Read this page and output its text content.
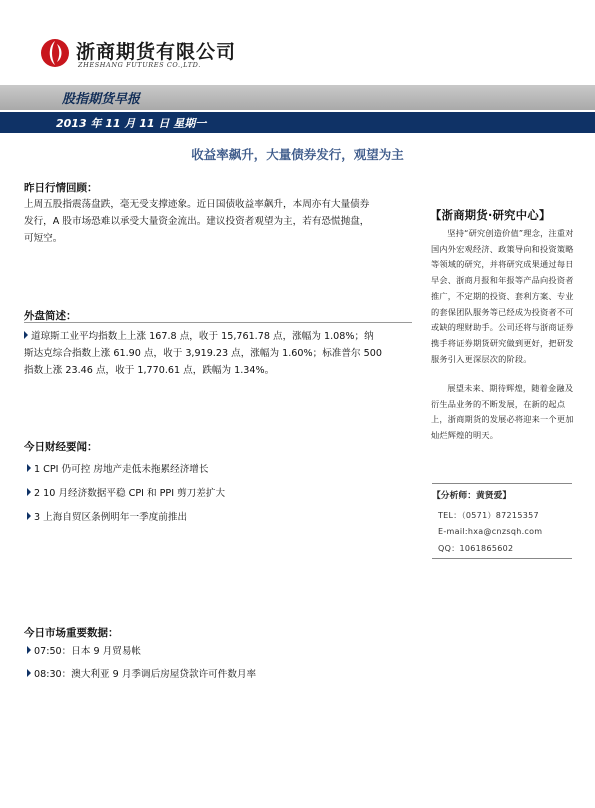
浙商期货有限公司
ZHESHANG FUTURES CO.,LTD.
股指期货早报
2013 年 11 月 11 日 星期一
收益率飙升，大量债券发行，观望为主
昨日行情回顾：
上周五股指震荡盘跌，毫无受支撑迹象。近日国债收益率飙升，本周亦有大量债券
发行，A 股市场恐难以承受大量资金流出。建议投资者观望为主，若有恐慌抛盘，
可短空。
外盘简述：
道琼斯工业平均指数上上涨 167.8 点，收于 15,761.78 点，涨幅为 1.08%；纳
斯达克综合指数上涨 61.90 点，收于 3,919.23 点，涨幅为 1.60%；标准普尔 500
指数上涨 23.46 点，收于 1,770.61 点，跌幅为 1.34%。
今日财经要闻：
1 CPI 仍可控 房地产走低未拖累经济增长
2 10 月经济数据平稳 CPI 和 PPI 剪刀差扩大
3 上海自贸区条例明年一季度前推出
今日市场重要数据：
07:50：日本 9 月贸易帐
08:30：澳大利亚 9 月季调后房屋贷款许可件数月率
【浙商期货·研究中心】
坚持“研究创造价值”理念，注重对国内外宏观经济、政策导向和投资策略等领域的研究，并将研究成果通过每日早会、浙商月报和年报等产品向投资者推广，不定期的投资、套利方案、专业的套保团队服务等已经成为投资者不可或缺的理财助手。公司还将与浙商证券携手将证券期货研究做到更好，把研发服务引入更深层次的阶段。
展望未来、期待辉煌，随着金融及衍生品业务的不断发展，在新的起点上，浙商期货的发展必将迎来一个更加灿烂辉煌的明天。
【分析师：黄贤爱】
TEL：（0571）87215357
E-mail:hxa@cnzsqh.com
QQ：1061865602
